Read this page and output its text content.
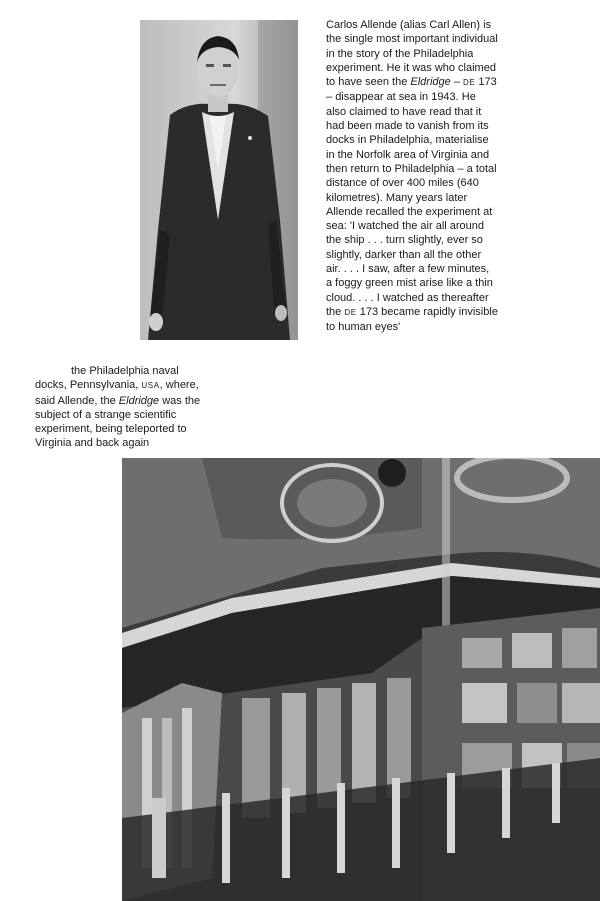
Carlos Allende (alias Carl Allen) is the single most important individual in the story of the Philadelphia experiment. He it was who claimed to have seen the Eldridge – DE 173 – disappear at sea in 1943. He also claimed to have read that it had been made to vanish from its docks in Philadelphia, materialise in the Norfolk area of Virginia and then return to Philadelphia – a total distance of over 400 miles (640 kilometres). Many years later Allende recalled the experiment at sea: 'I watched the air all around the ship . . . turn slightly, ever so slightly, darker than all the other air. . . . I saw, after a few minutes, a foggy green mist arise like a thin cloud. . . . I watched as thereafter the DE 173 became rapidly invisible to human eyes'

the Philadelphia naval docks, Pennsylvania, USA, where, said Allende, the Eldridge was the subject of a strange scientific experiment, being teleported to Virginia and back again
